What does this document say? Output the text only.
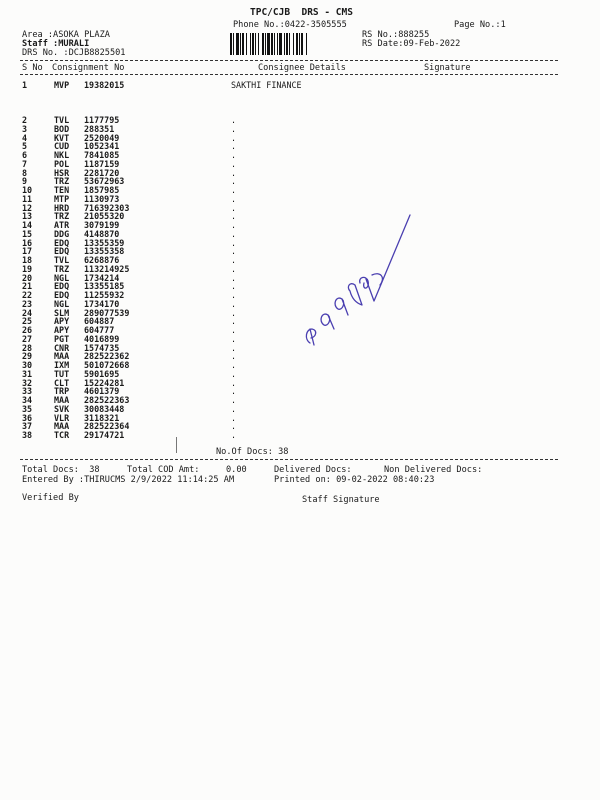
TPC/CJB  DRS - CMS
Phone No.:0422-3505555	Page No.:1
Area :ASOKA PLAZA
Staff :MURALI
DRS No. :DCJB8825501
RS No.:888255
RS Date:09-Feb-2022
S No Consignment No	Consignee Details	Signature
1	MVP 19382015	SAKTHI FINANCE
2	TVL 1177795	.
3	BOD 288351	.
4	KVT 2520049	.
5	CUD 1052341	.
6	NKL 7841085	.
7	POL 1187159	.
8	HSR 2281720	.
9	TRZ 53672963	.
10	TEN 1857985	.
11	MTP 1130973	.
12	HRD 716392303	.
13	TRZ 21055320	.
14	ATR 3079199	.
15	DDG 4148870	.
16	EDQ 13355359	.
17	EDQ 13355358	.
18	TVL 6268876	.
19	TRZ 113214925	.
20	NGL 1734214	.
21	EDQ 13355185	.
22	EDQ 11255932	.
23	NGL 1734170	.
24	SLM 289077539	.
25	APY 604887	.
26	APY 604777	.
27	PGT 4016899	.
28	CNR 1574735	.
29	MAA 282522362	.
30	IXM 501072668	.
31	TUT 5901695	.
32	CLT 15224281	.
33	TRP 4601379	.
34	MAA 282522363	.
35	SVK 30083448	.
36	VLR 3118321	.
37	MAA 282522364	.
38	TCR 29174721	.
No.Of Docs: 38
Total Docs:  38	Total COD Amt:	0.00	Delivered Docs:	Non Delivered Docs:
Entered By :THIRUCMS 2/9/2022 11:14:25 AM	Printed on: 09-02-2022 08:40:23
Verified By	Staff Signature
